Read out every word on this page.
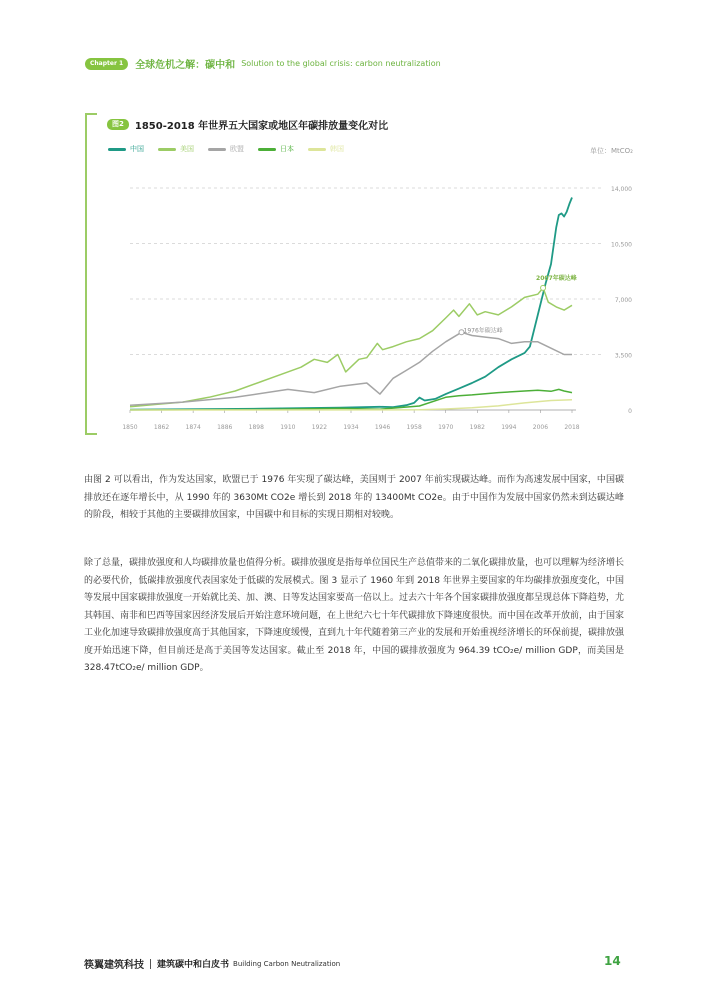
Chapter 1	全球危机之解：碳中和 Solution to the global crisis: carbon neutralization
图2	1850-2018 年世界五大国家或地区年碳排放量变化对比
中国	美国	欧盟	日本	韩国	单位：MtCO₂
0
3,500
7,000
10,500
14,000
1850	1862	1874	1886	1898	1910	1922	1934	1946	1958	1970	1982	1994	2006	2018
2007年碳达峰
1976年碳达峰
由图 2 可以看出，作为发达国家，欧盟已于 1976 年实现了碳达峰，美国则于 2007 年前实现碳达峰。而作为高速发展中国家，中国碳排放还在逐年增长中，从 1990 年的 3630Mt CO2e 增长到 2018 年的 13400Mt CO2e。由于中国作为发展中国家仍然未到达碳达峰的阶段，相较于其他的主要碳排放国家，中国碳中和目标的实现日期相对较晚。
除了总量，碳排放强度和人均碳排放量也值得分析。碳排放强度是指每单位国民生产总值带来的二氧化碳排放量，也可以理解为经济增长的必要代价，低碳排放强度代表国家处于低碳的发展模式。图 3 显示了 1960 年到 2018 年世界主要国家的年均碳排放强度变化，中国等发展中国家碳排放强度一开始就比美、加、澳、日等发达国家要高一倍以上。过去六十年各个国家碳排放强度都呈现总体下降趋势，尤其韩国、南非和巴西等国家因经济发展后开始注意环境问题，在上世纪六七十年代碳排放下降速度很快。而中国在改革开放前，由于国家工业化加速导致碳排放强度高于其他国家，下降速度缓慢，直到九十年代随着第三产业的发展和开始重视经济增长的环保前提，碳排放强度开始迅速下降，但目前还是高于美国等发达国家。截止至 2018 年，中国的碳排放强度为 964.39 tCO₂e/ million GDP，而美国是 328.47tCO₂e/ million GDP。
筷翼建筑科技 建筑碳中和白皮书 Building Carbon Neutralization	14
